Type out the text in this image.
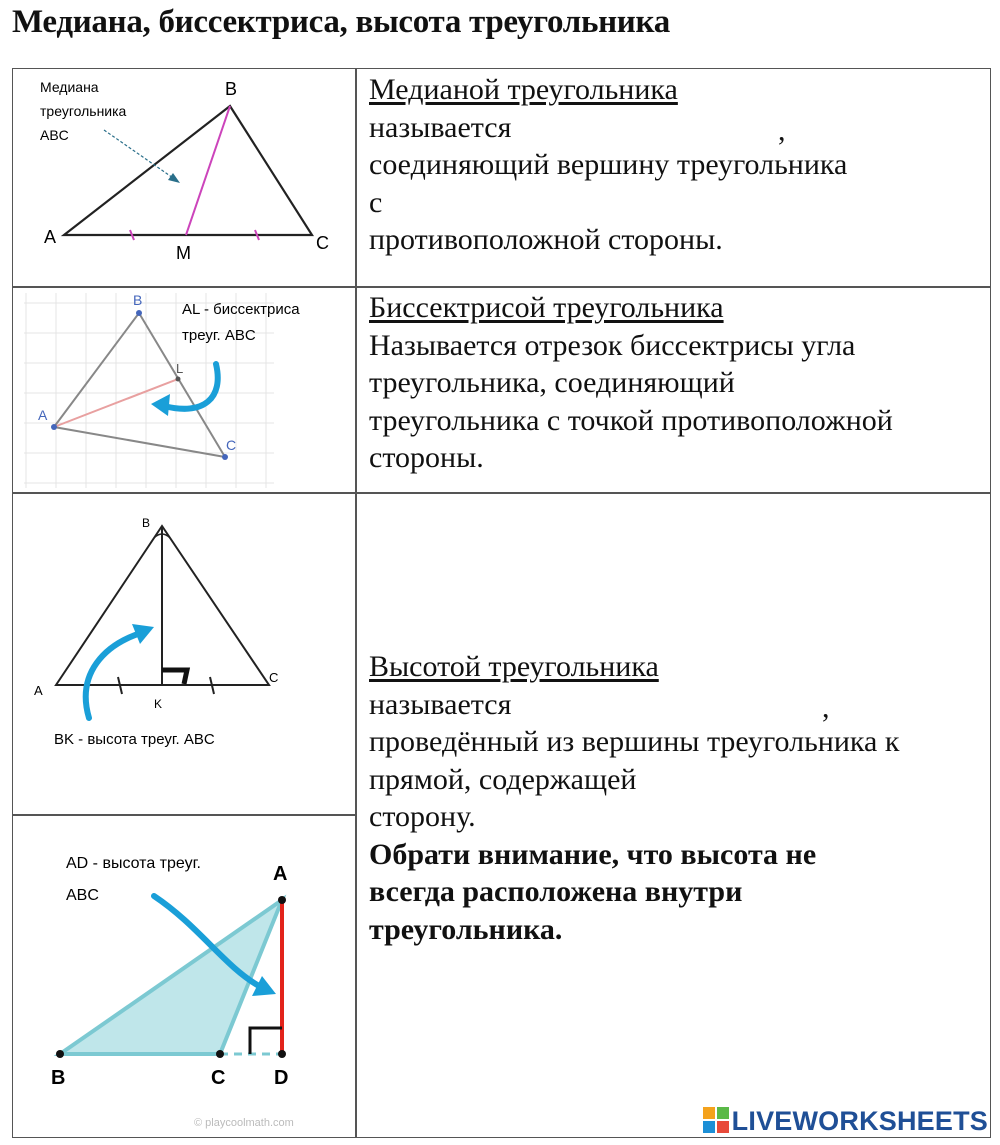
Медиана, биссектриса, высота треугольника
Медиана
треугольника
ABC
B
A	C
M
B
A
C
L
AL - биссектриса
треуг. ABC
B
A
C
K
BK - высота треуг. ABC
AD - высота треуг.
ABC
A
B	C D
© playcoolmath.com
Медианой треугольника
называется
соединяющий вершину треугольника
с
противоположной стороны.
,
Биссектрисой треугольника
Называется отрезок биссектрисы угла
треугольника, соединяющий
треугольника с точкой противоположной
стороны.
Высотой треугольника
называется
проведённый из вершины треугольника к
прямой, содержащей
сторону.
Обрати внимание, что высота не
всегда расположена внутри
треугольника.
,
LIVEWORKSHEETS
